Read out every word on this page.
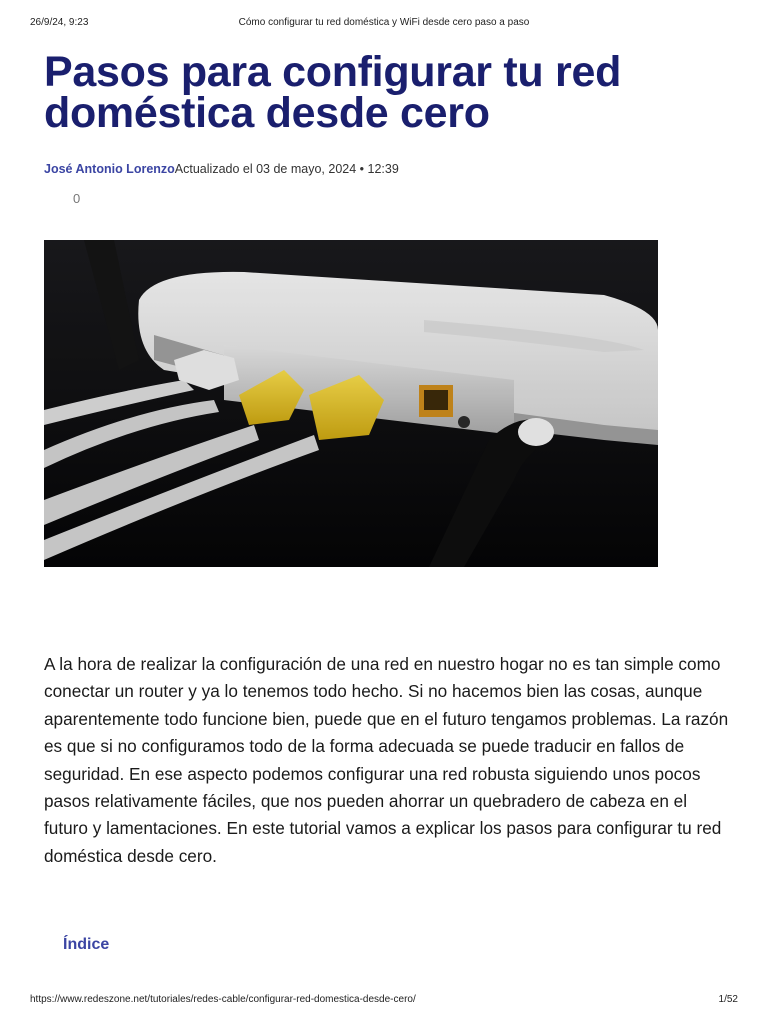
26/9/24, 9:23	Cómo configurar tu red doméstica y WiFi desde cero paso a paso
Pasos para configurar tu red doméstica desde cero
José Antonio LorenzoActualizado el 03 de mayo, 2024 • 12:39
0

A la hora de realizar la configuración de una red en nuestro hogar no es tan simple como conectar un router y ya lo tenemos todo hecho. Si no hacemos bien las cosas, aunque aparentemente todo funcione bien, puede que en el futuro tengamos problemas. La razón es que si no configuramos todo de la forma adecuada se puede traducir en fallos de seguridad. En ese aspecto podemos configurar una red robusta siguiendo unos pocos pasos relativamente fáciles, que nos pueden ahorrar un quebradero de cabeza en el futuro y lamentaciones. En este tutorial vamos a explicar los pasos para configurar tu red doméstica desde cero.

Índice
https://www.redeszone.net/tutoriales/redes-cable/configurar-red-domestica-desde-cero/	1/52
